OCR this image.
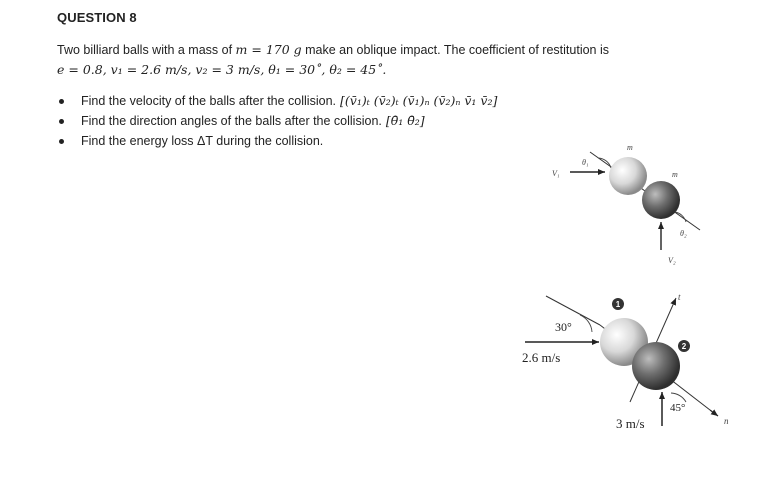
QUESTION 8
Two billiard balls with a mass of m = 170 g make an oblique impact. The coefficient of restitution is
e = 0.8, v₁ = 2.6 m/s, v₂ = 3 m/s, θ₁ = 30˚, θ₂ = 45˚.
Find the velocity of the balls after the collision. [(v̄₁)ₜ (v̄₂)ₜ (v̄₁)ₙ (v̄₂)ₙ v̄₁ v̄₂]
Find the direction angles of the balls after the collision. [θ̄₁ θ̄₂]
Find the energy loss ΔT during the collision.
V₁
θ₁
m
m
θ₂
V₂
1
2
30°
2.6 m/s
t
45°
3 m/s	n
